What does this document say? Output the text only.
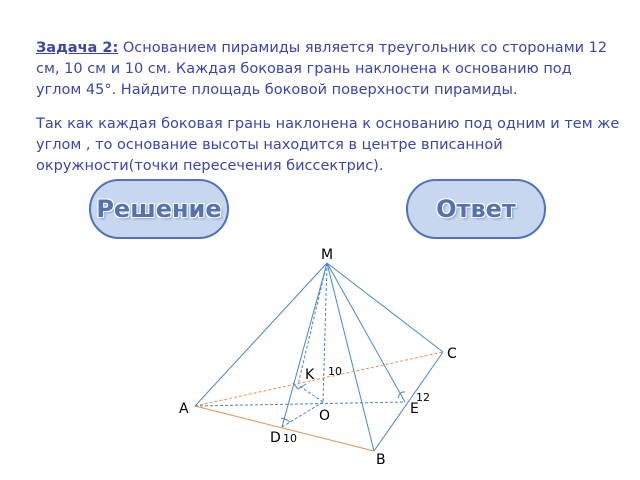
Задача 2: Основанием пирамиды является треугольник со сторонами 12 см, 10 см и 10 см. Каждая боковая грань наклонена к основанию под углом 45°. Найдите площадь боковой поверхности пирамиды.
Так как каждая боковая грань наклонена к основанию под одним и тем же углом , то основание высоты находится в центре вписанной окружности(точки пересечения биссектрис).
Решение	Ответ
M
C
K
A	E
O
D
B
10
12
10
